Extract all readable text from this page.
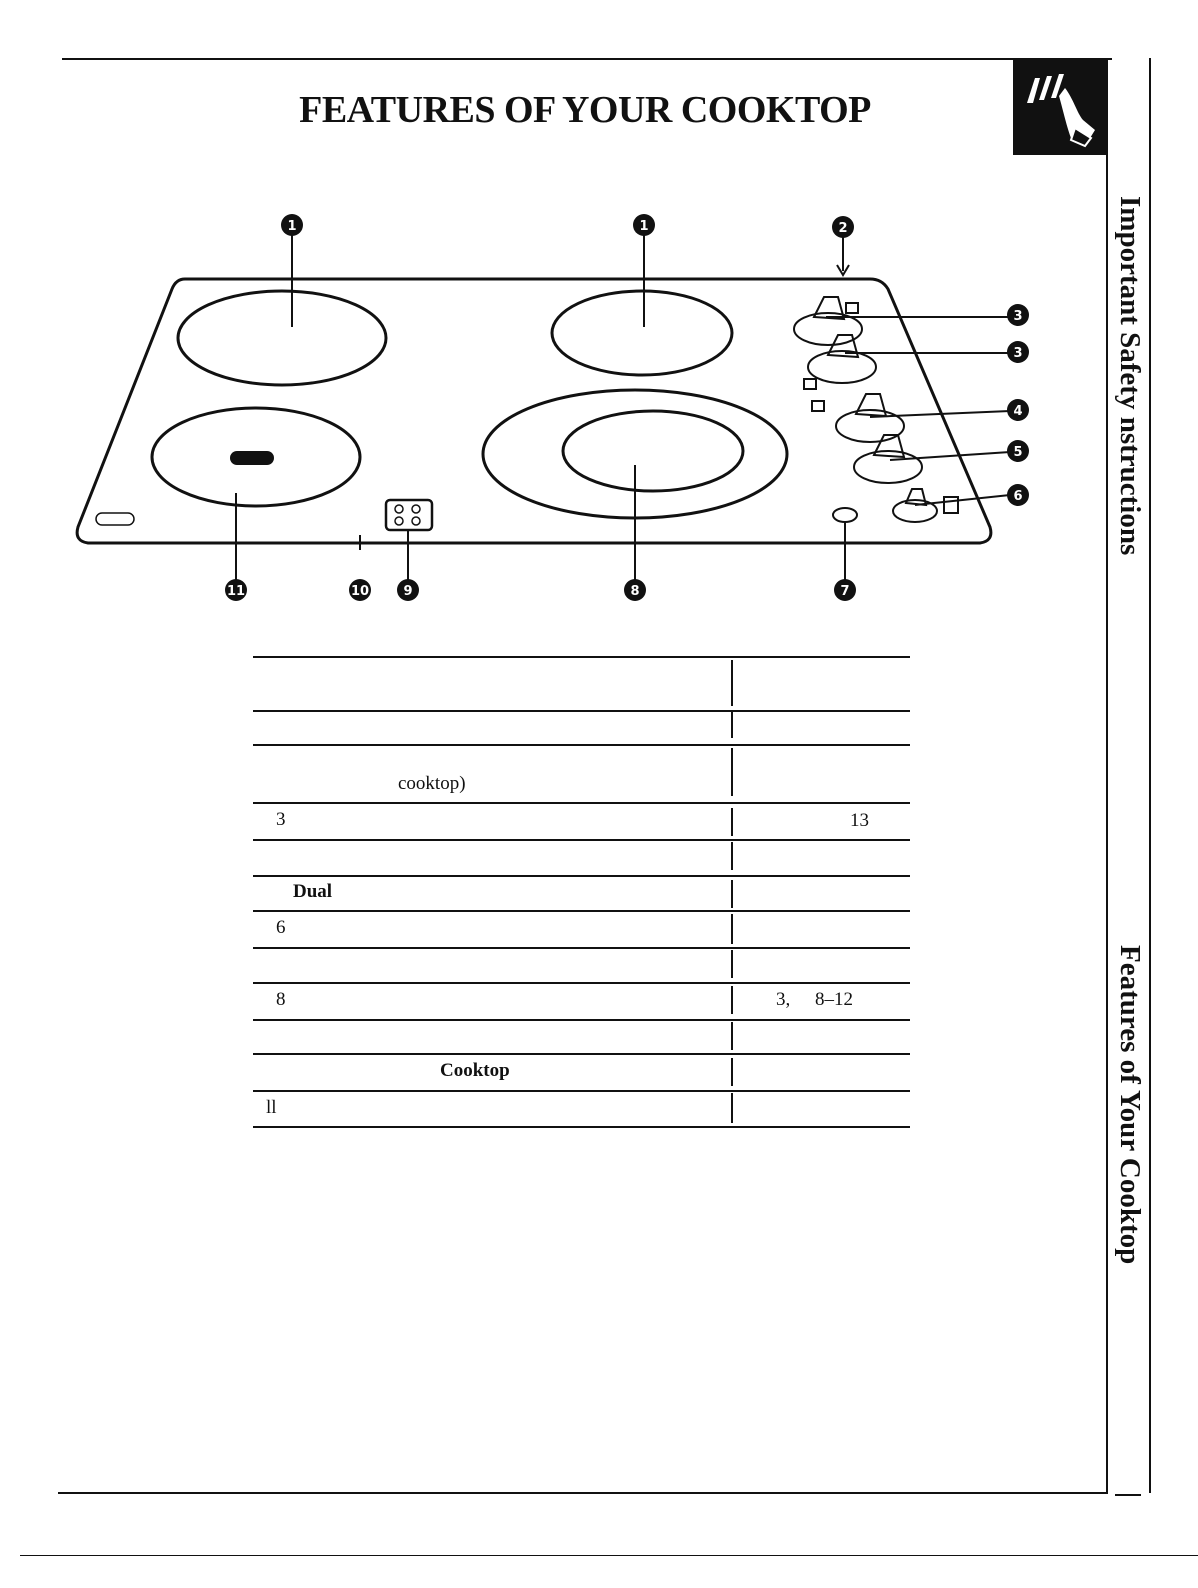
FEATURES OF YOUR COOKTOP
Important Safety nstructions
Features of Your Cooktop
1	1	2
3
3
4
5
6
7
8
9
10
11
cooktop)
3	13
Dual
6
8	3, 8–12
Cooktop
ll
